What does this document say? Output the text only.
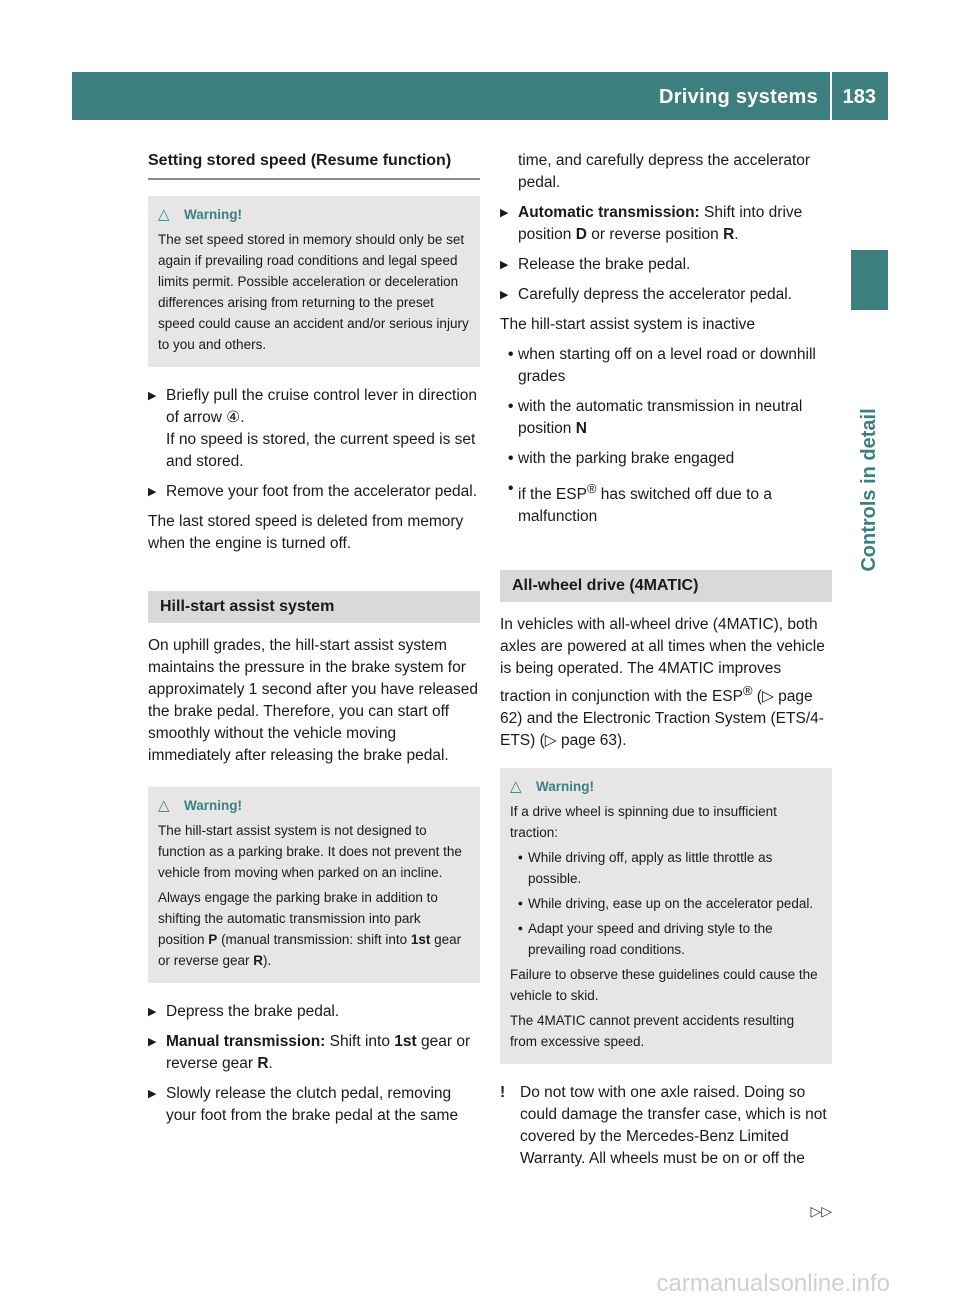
Driving systems 183
Controls in detail
Setting stored speed (Resume function)
△	Warning!

The set speed stored in memory should only be set again if prevailing road conditions and legal speed limits permit. Possible acceleration or deceleration differences arising from returning to the preset speed could cause an accident and/or serious injury to you and others.

▶ Briefly pull the cruise control lever in direction of arrow ④.
If no speed is stored, the current speed is set and stored.
▶ Remove your foot from the accelerator pedal.

The last stored speed is deleted from memory when the engine is turned off.

Hill-start assist system

On uphill grades, the hill-start assist system maintains the pressure in the brake system for approximately 1 second after you have released the brake pedal. Therefore, you can start off smoothly without the vehicle moving immediately after releasing the brake pedal.

△	Warning!

The hill-start assist system is not designed to function as a parking brake. It does not prevent the vehicle from moving when parked on an incline.

Always engage the parking brake in addition to shifting the automatic transmission into park position P (manual transmission: shift into 1st gear or reverse gear R).

▶ Depress the brake pedal.
▶ Manual transmission: Shift into 1st gear or reverse gear R.
▶ Slowly release the clutch pedal, removing your foot from the brake pedal at the same
time, and carefully depress the accelerator pedal.
▶ Automatic transmission: Shift into drive position D or reverse position R.
▶ Release the brake pedal.
▶ Carefully depress the accelerator pedal.

The hill-start assist system is inactive

• when starting off on a level road or downhill grades
• with the automatic transmission in neutral position N
• with the parking brake engaged
• if the ESP® has switched off due to a malfunction
All-wheel drive (4MATIC)

In vehicles with all-wheel drive (4MATIC), both axles are powered at all times when the vehicle is being operated. The 4MATIC improves traction in conjunction with the ESP® (▷ page 62) and the Electronic Traction System (ETS/4-ETS) (▷ page 63).

△	Warning!

If a drive wheel is spinning due to insufficient traction:

• While driving off, apply as little throttle as possible.
• While driving, ease up on the accelerator pedal.
• Adapt your speed and driving style to the prevailing road conditions.

Failure to observe these guidelines could cause the vehicle to skid.

The 4MATIC cannot prevent accidents resulting from excessive speed.

! Do not tow with one axle raised. Doing so could damage the transfer case, which is not covered by the Mercedes-Benz Limited Warranty. All wheels must be on or off the
▷▷
carmanualsonline.info
